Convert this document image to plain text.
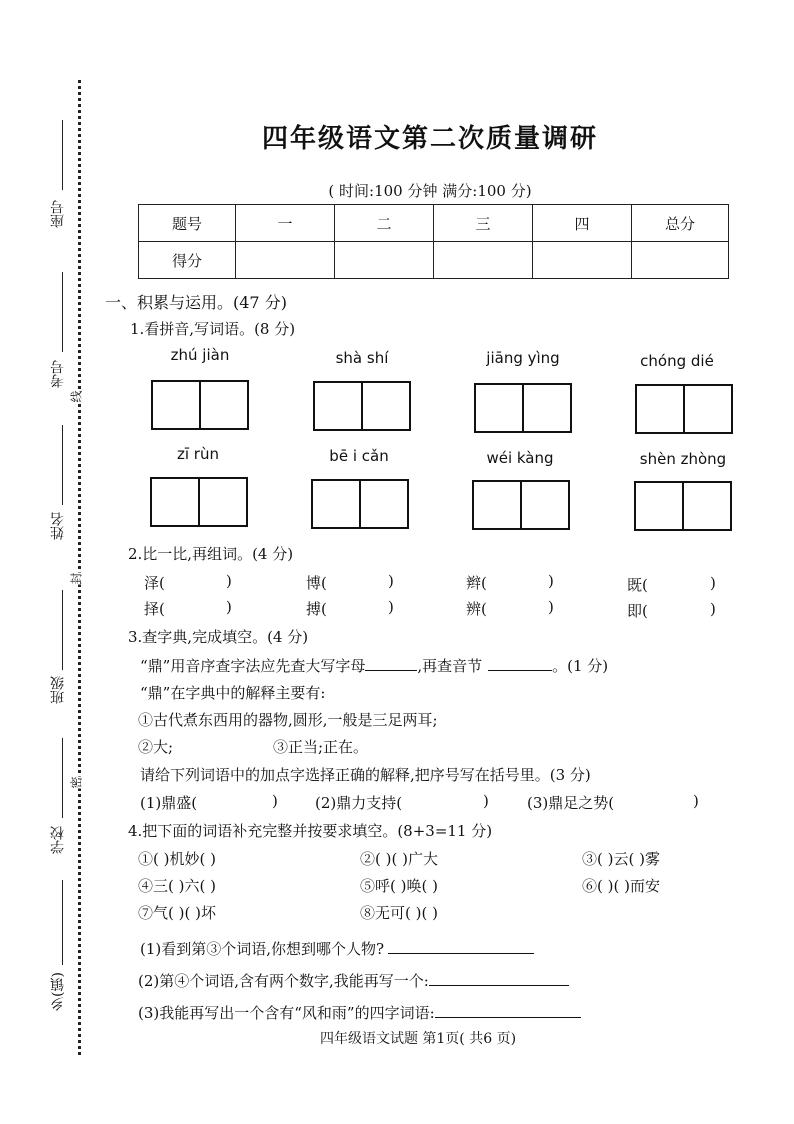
座号
考号
姓名
班级
学校
乡(镇)
线
封
密
四年级语文第二次质量调研
( 时间:100 分钟 满分:100 分)
题号	一	二	三	四	总分
得分					
一、积累与运用。(47 分)
1.看拼音,写词语。(8 分)
zhú jiàn	shà shí	jiāng yìng	chóng dié
zī rùn	bē i cǎn	wéi kàng	shèn zhòng
2.比一比,再组词。(4 分)
泽(	)	博(	)	辫(	)	既(	)
择(	)	搏(	)	辨(	)	即(	)
3.查字典,完成填空。(4 分)
“鼎”用音序查字法应先查大写字母	,再查音节	。(1 分)
“鼎”在字典中的解释主要有:
①古代煮东西用的器物,圆形,一般是三足两耳;
②大;	③正当;正在。
请给下列词语中的加点字选择正确的解释,把序号写在括号里。(3 分)
(1)鼎盛(	) (2)鼎力支持(	)	(3)鼎足之势(	)
4.把下面的词语补充完整并按要求填空。(8+3=11 分)
①( )机妙( )	②( )( )广大	③( )云( )雾
④三( )六( )	⑤呼( )唤( )	⑥( )( )而安
⑦气( )( )坏	⑧无可( )( )
(1)看到第③个词语,你想到哪个人物?
(2)第④个词语,含有两个数字,我能再写一个:
(3)我能再写出一个含有“风和雨”的四字词语:
四年级语文试题 第1页( 共6 页)
